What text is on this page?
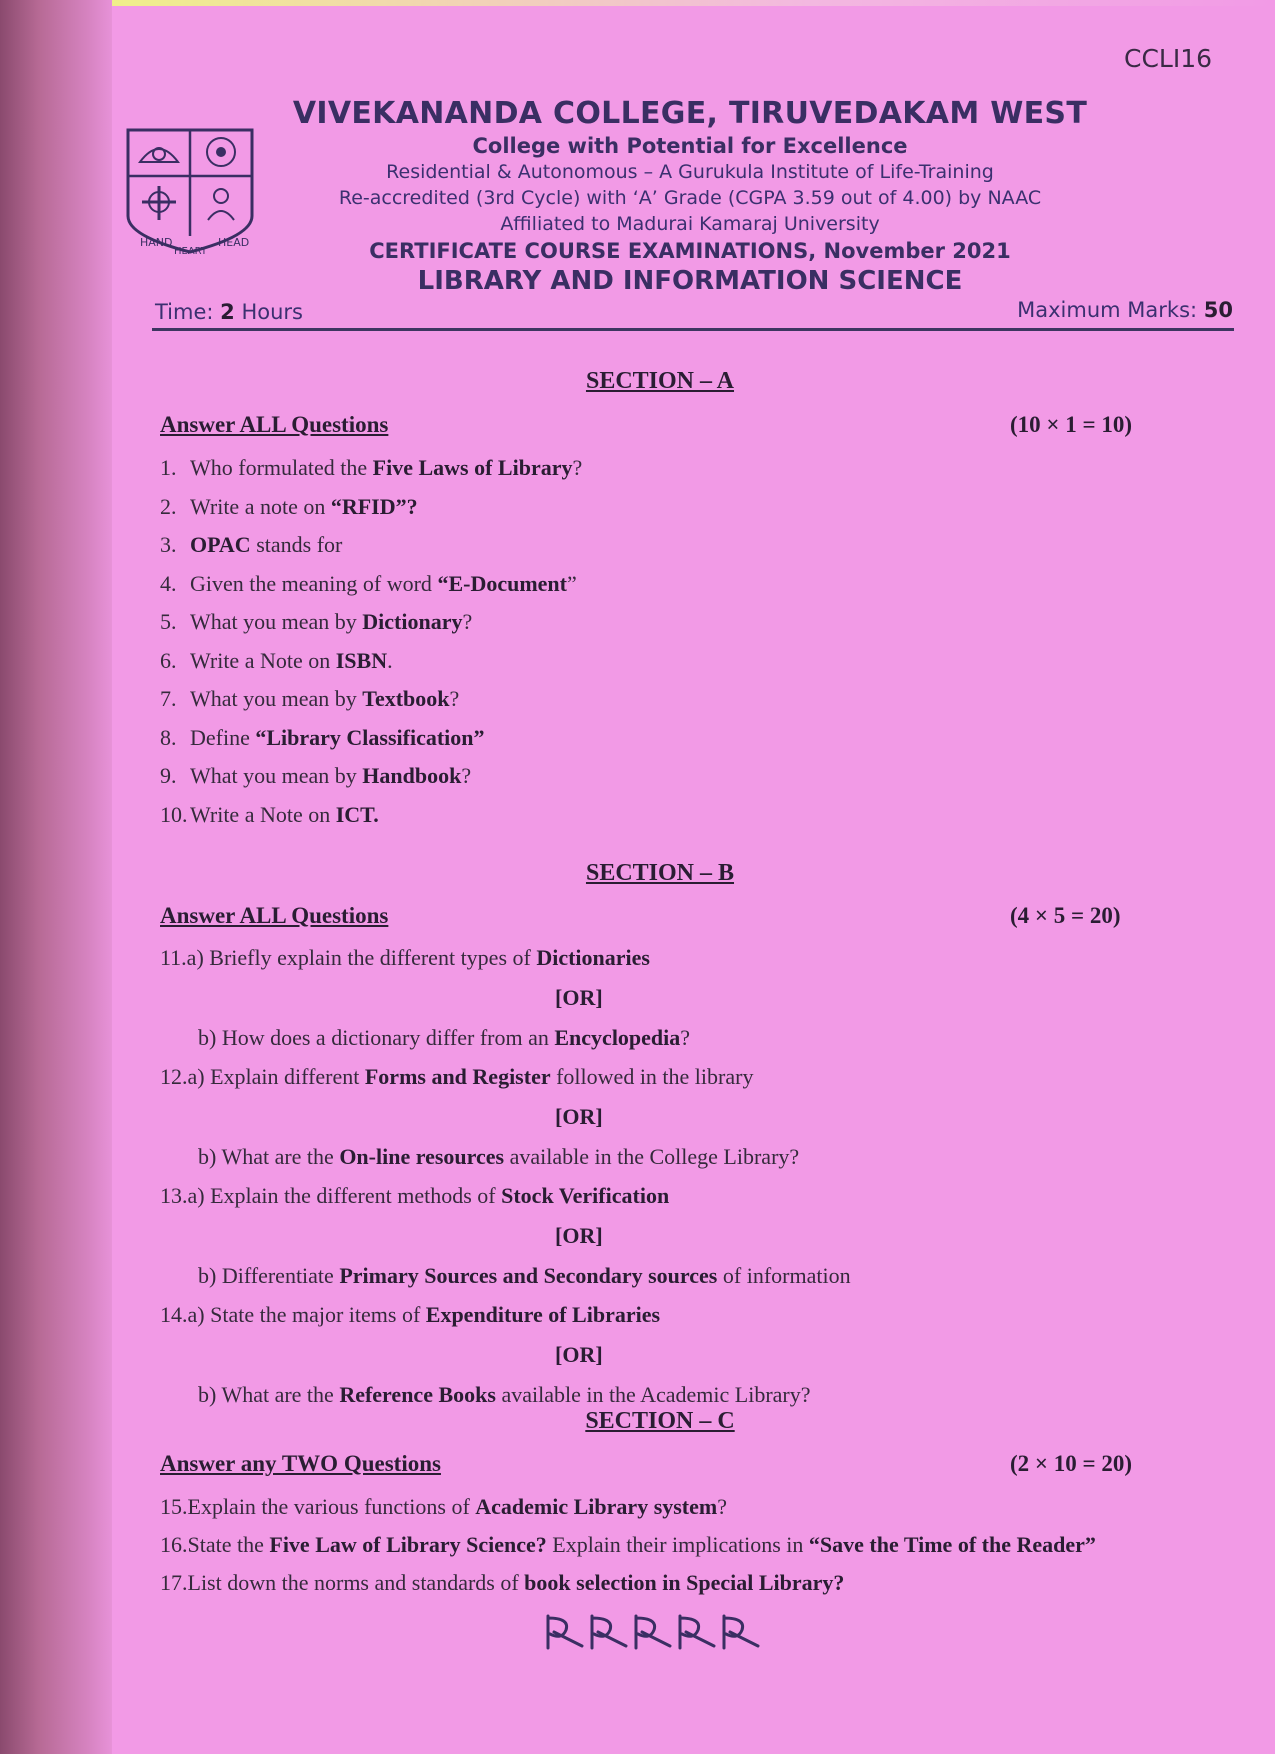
CCLI16
HAND
HEART
HEAD
VIVEKANANDA COLLEGE, TIRUVEDAKAM WEST
College with Potential for Excellence
Residential & Autonomous – A Gurukula Institute of Life-Training
Re-accredited (3rd Cycle) with ‘A’ Grade (CGPA 3.59 out of 4.00) by NAAC
Affiliated to Madurai Kamaraj University
CERTIFICATE COURSE EXAMINATIONS, November 2021
LIBRARY AND INFORMATION SCIENCE
Time: 2 Hours	Maximum Marks: 50
SECTION – A
Answer ALL Questions	(10 × 1 = 10)
1. Who formulated the Five Laws of Library?
2. Write a note on “RFID”?
3. OPAC stands for
4. Given the meaning of word “E-Document”
5. What you mean by Dictionary?
6. Write a Note on ISBN.
7. What you mean by Textbook?
8. Define “Library Classification”
9. What you mean by Handbook?
10. Write a Note on ICT.
SECTION – B
Answer ALL Questions	(4 × 5 = 20)
11.a) Briefly explain the different types of Dictionaries
[OR]
b) How does a dictionary differ from an Encyclopedia?
12.a) Explain different Forms and Register followed in the library
[OR]
b) What are the On-line resources available in the College Library?
13.a) Explain the different methods of Stock Verification
[OR]
b) Differentiate Primary Sources and Secondary sources of information
14.a) State the major items of Expenditure of Libraries
[OR]
b) What are the Reference Books available in the Academic Library?
SECTION – C
Answer any TWO Questions	(2 × 10 = 20)
15.Explain the various functions of Academic Library system?
16.State the Five Law of Library Science? Explain their implications in “Save the Time of the Reader”
17.List down the norms and standards of book selection in Special Library?
